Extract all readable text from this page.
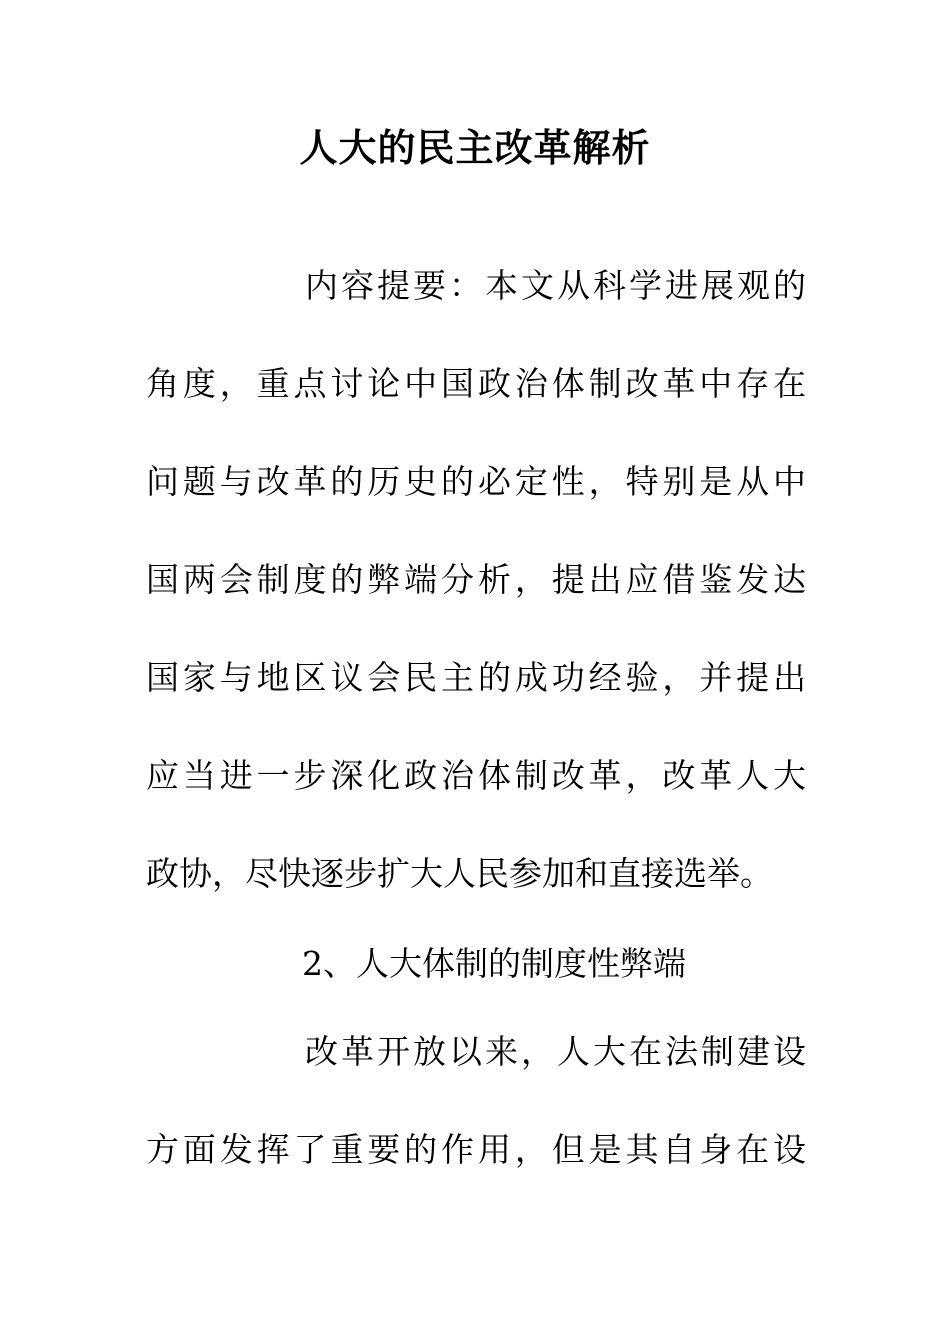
人大的民主改革解析
内容提要：本文从科学进展观的
角度，重点讨论中国政治体制改革中存在
问题与改革的历史的必定性，特别是从中
国两会制度的弊端分析，提出应借鉴发达
国家与地区议会民主的成功经验，并提出
应当进一步深化政治体制改革，改革人大
政协，尽快逐步扩大人民参加和直接选举。
2、人大体制的制度性弊端
改革开放以来，人大在法制建设
方面发挥了重要的作用，但是其自身在设
